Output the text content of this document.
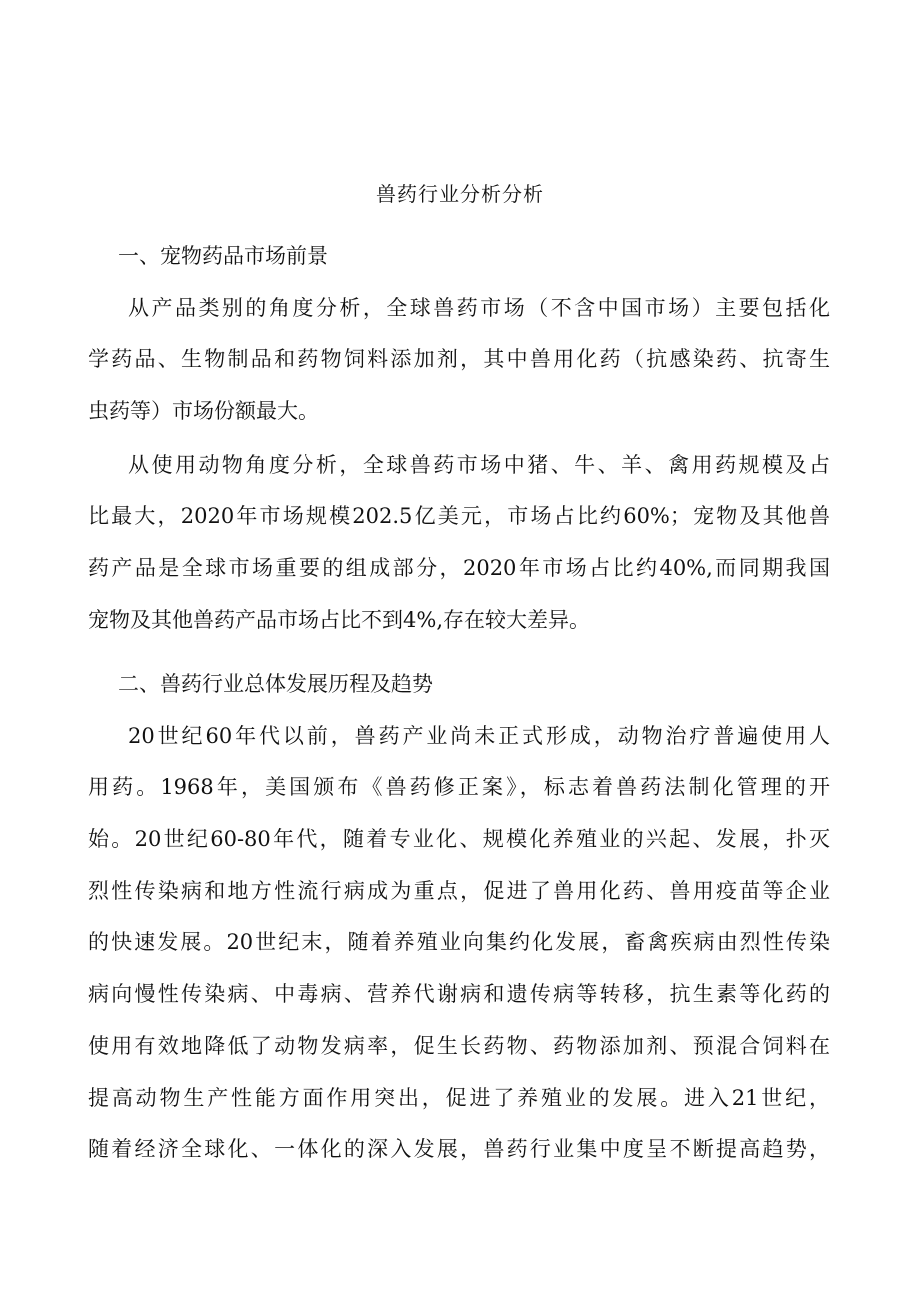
兽药行业分析分析
一、宠物药品市场前景
从产品类别的角度分析，全球兽药市场（不含中国市场）主要包括化
学药品、生物制品和药物饲料添加剂，其中兽用化药（抗感染药、抗寄生
虫药等）市场份额最大。
从使用动物角度分析，全球兽药市场中猪、牛、羊、禽用药规模及占
比最大，2020年市场规模202.5亿美元，市场占比约60%；宠物及其他兽
药产品是全球市场重要的组成部分，2020年市场占比约40%,而同期我国
宠物及其他兽药产品市场占比不到4%,存在较大差异。
二、兽药行业总体发展历程及趋势
20世纪60年代以前，兽药产业尚未正式形成，动物治疗普遍使用人
用药。1968年，美国颁布《兽药修正案》，标志着兽药法制化管理的开
始。20世纪60-80年代，随着专业化、规模化养殖业的兴起、发展，扑灭
烈性传染病和地方性流行病成为重点，促进了兽用化药、兽用疫苗等企业
的快速发展。20世纪末，随着养殖业向集约化发展，畜禽疾病由烈性传染
病向慢性传染病、中毒病、营养代谢病和遗传病等转移，抗生素等化药的
使用有效地降低了动物发病率，促生长药物、药物添加剂、预混合饲料在
提高动物生产性能方面作用突出，促进了养殖业的发展。进入21世纪，
随着经济全球化、一体化的深入发展，兽药行业集中度呈不断提高趋势，
